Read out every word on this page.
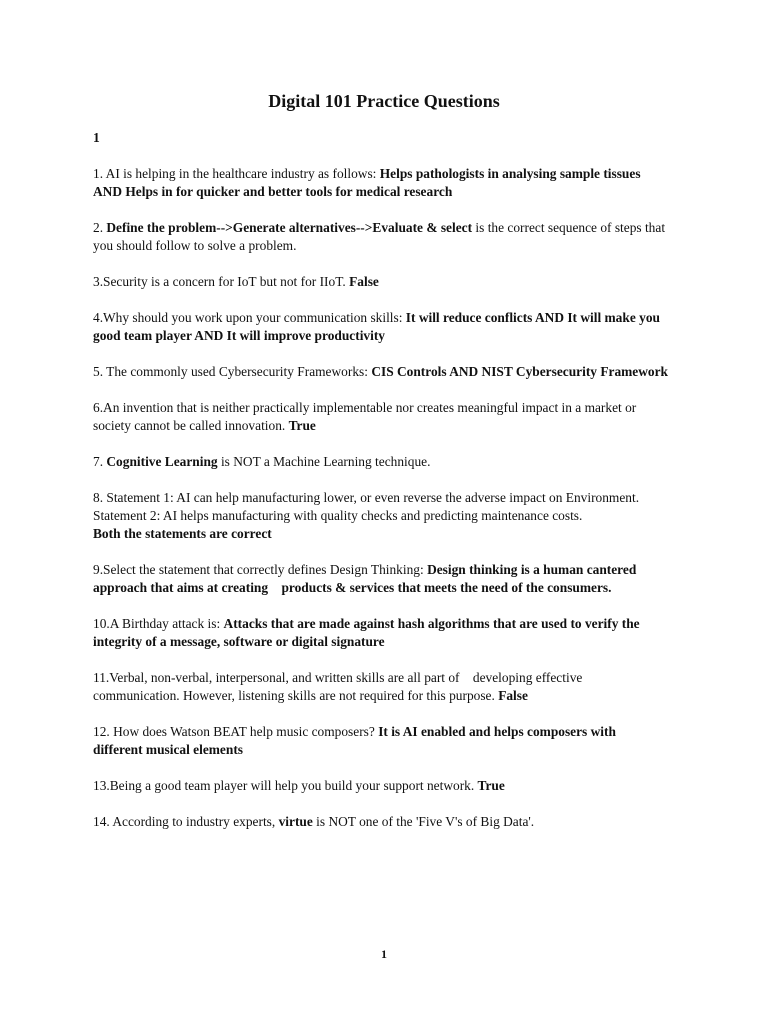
Digital 101 Practice Questions
1

1. AI is helping in the healthcare industry as follows: Helps pathologists in analysing sample tissues AND Helps in for quicker and better tools for medical research

2. Define the problem-->Generate alternatives-->Evaluate & select is the correct sequence of steps that you should follow to solve a problem.

3.Security is a concern for IoT but not for IIoT. False

4.Why should you work upon your communication skills: It will reduce conflicts AND It will make you good team player AND It will improve productivity

5. The commonly used Cybersecurity Frameworks: CIS Controls AND NIST Cybersecurity Framework

6.An invention that is neither practically implementable nor creates meaningful impact in a market or society cannot be called innovation. True

7. Cognitive Learning is NOT a Machine Learning technique.

8. Statement 1: AI can help manufacturing lower, or even reverse the adverse impact on Environment. Statement 2: AI helps manufacturing with quality checks and predicting maintenance costs.
Both the statements are correct

9.Select the statement that correctly defines Design Thinking: Design thinking is a human cantered approach that aims at creating    products & services that meets the need of the consumers.

10.A Birthday attack is: Attacks that are made against hash algorithms that are used to verify the integrity of a message, software or digital signature

11.Verbal, non-verbal, interpersonal, and written skills are all part of    developing effective communication. However, listening skills are not required for this purpose. False

12. How does Watson BEAT help music composers? It is AI enabled and helps composers with different musical elements

13.Being a good team player will help you build your support network. True

14. According to industry experts, virtue is NOT one of the 'Five V's of Big Data'.

1
